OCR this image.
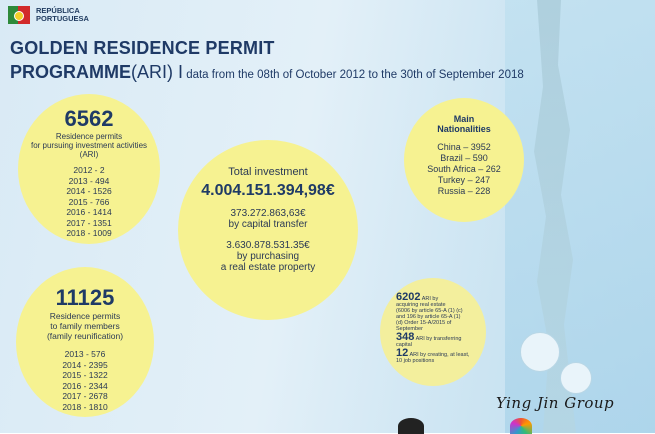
REPÚBLICA
PORTUGUESA
GOLDEN RESIDENCE PERMIT
PROGRAMME(ARI) I data from the 08th of October 2012 to the 30th of September 2018
6562
Residence permits
for pursuing investment activities
(ARI)
2012 - 2
2013 - 494
2014 - 1526
2015 - 766
2016 - 1414
2017 - 1351
2018 - 1009
Total investment
4.004.151.394,98€
373.272.863,63€
by capital transfer
3.630.878.531.35€
by purchasing
a real estate property
Main
Nationalities
China – 3952
Brazil – 590
South Africa – 262
Turkey – 247
Russia – 228
11125
Residence permits
to family members
(family reunification)
2013 - 576
2014 - 2395
2015 - 1322
2016 - 2344
2017 - 2678
2018 - 1810
6202 ARI by
acquiring real estate
(6006 by article 65-A (1) (c)
and 196 by article 65-A (1)
(d) Order 15-A/2015 of
September
348 ARI by transferring capital
12 ARI by creating, at least, 10 job positions
Ying Jin Group
